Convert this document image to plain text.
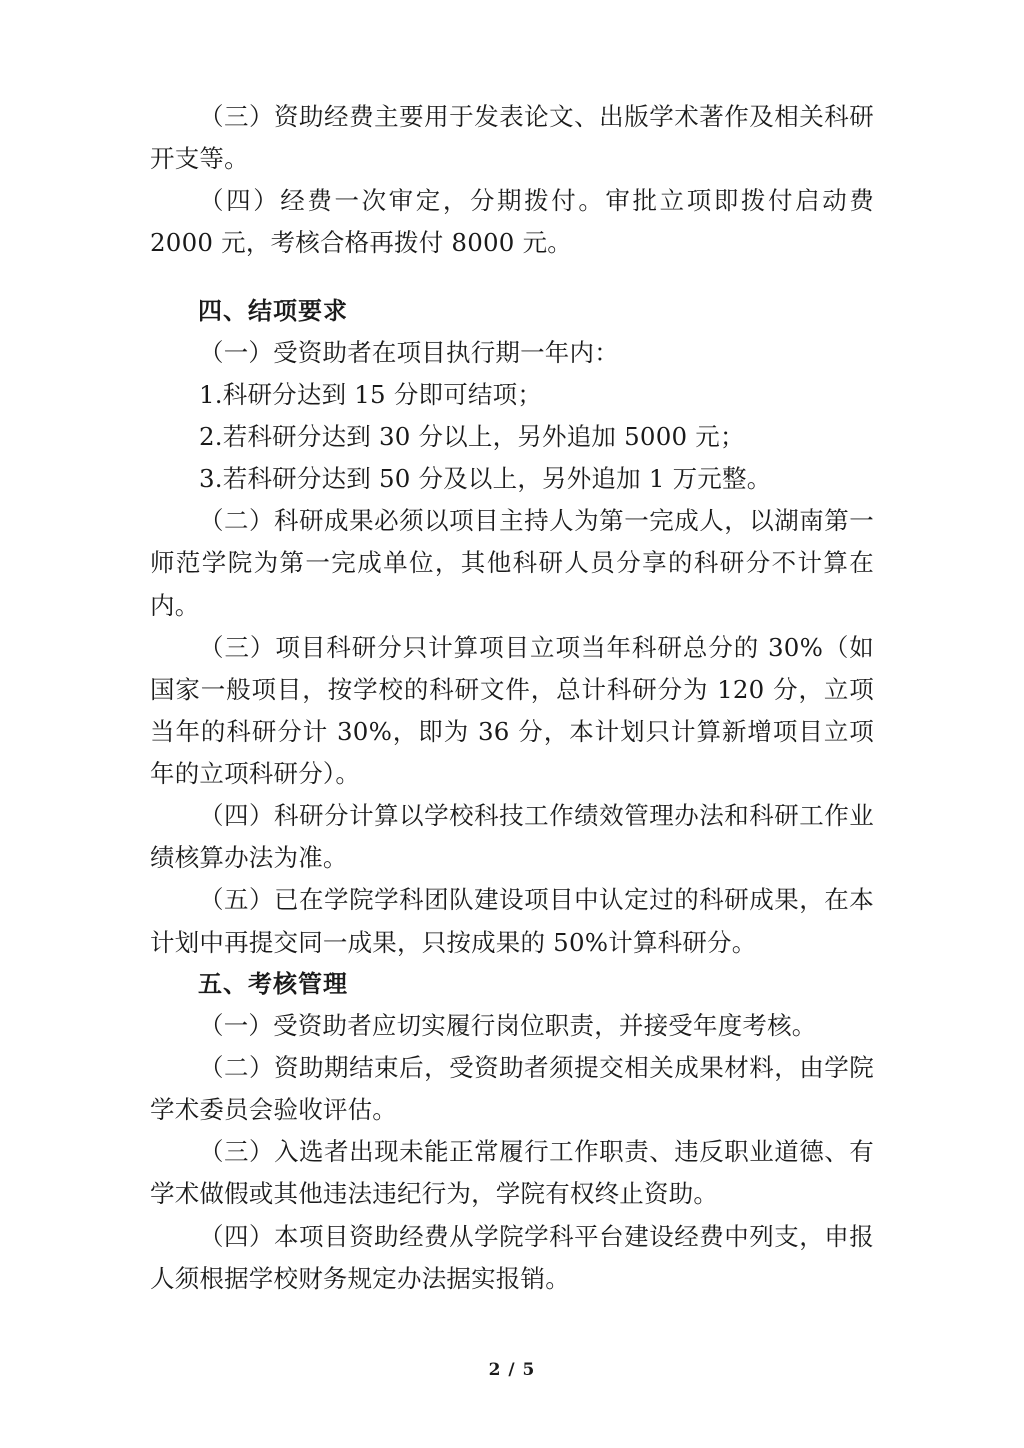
（三）资助经费主要用于发表论文、出版学术著作及相关科研开支等。

（四）经费一次审定，分期拨付。审批立项即拨付启动费 2000 元，考核合格再拨付 8000 元。

四、结项要求

（一）受资助者在项目执行期一年内：

1.科研分达到 15 分即可结项；

2.若科研分达到 30 分以上，另外追加 5000 元；

3.若科研分达到 50 分及以上，另外追加 1 万元整。

（二）科研成果必须以项目主持人为第一完成人，以湖南第一师范学院为第一完成单位，其他科研人员分享的科研分不计算在内。

（三）项目科研分只计算项目立项当年科研总分的 30%（如国家一般项目，按学校的科研文件，总计科研分为 120 分，立项当年的科研分计 30%，即为 36 分，本计划只计算新增项目立项年的立项科研分）。

（四）科研分计算以学校科技工作绩效管理办法和科研工作业绩核算办法为准。

（五）已在学院学科团队建设项目中认定过的科研成果，在本计划中再提交同一成果，只按成果的 50%计算科研分。

五、考核管理

（一）受资助者应切实履行岗位职责，并接受年度考核。

（二）资助期结束后，受资助者须提交相关成果材料，由学院学术委员会验收评估。

（三）入选者出现未能正常履行工作职责、违反职业道德、有学术做假或其他违法违纪行为，学院有权终止资助。

（四）本项目资助经费从学院学科平台建设经费中列支，申报人须根据学校财务规定办法据实报销。

2 / 5
